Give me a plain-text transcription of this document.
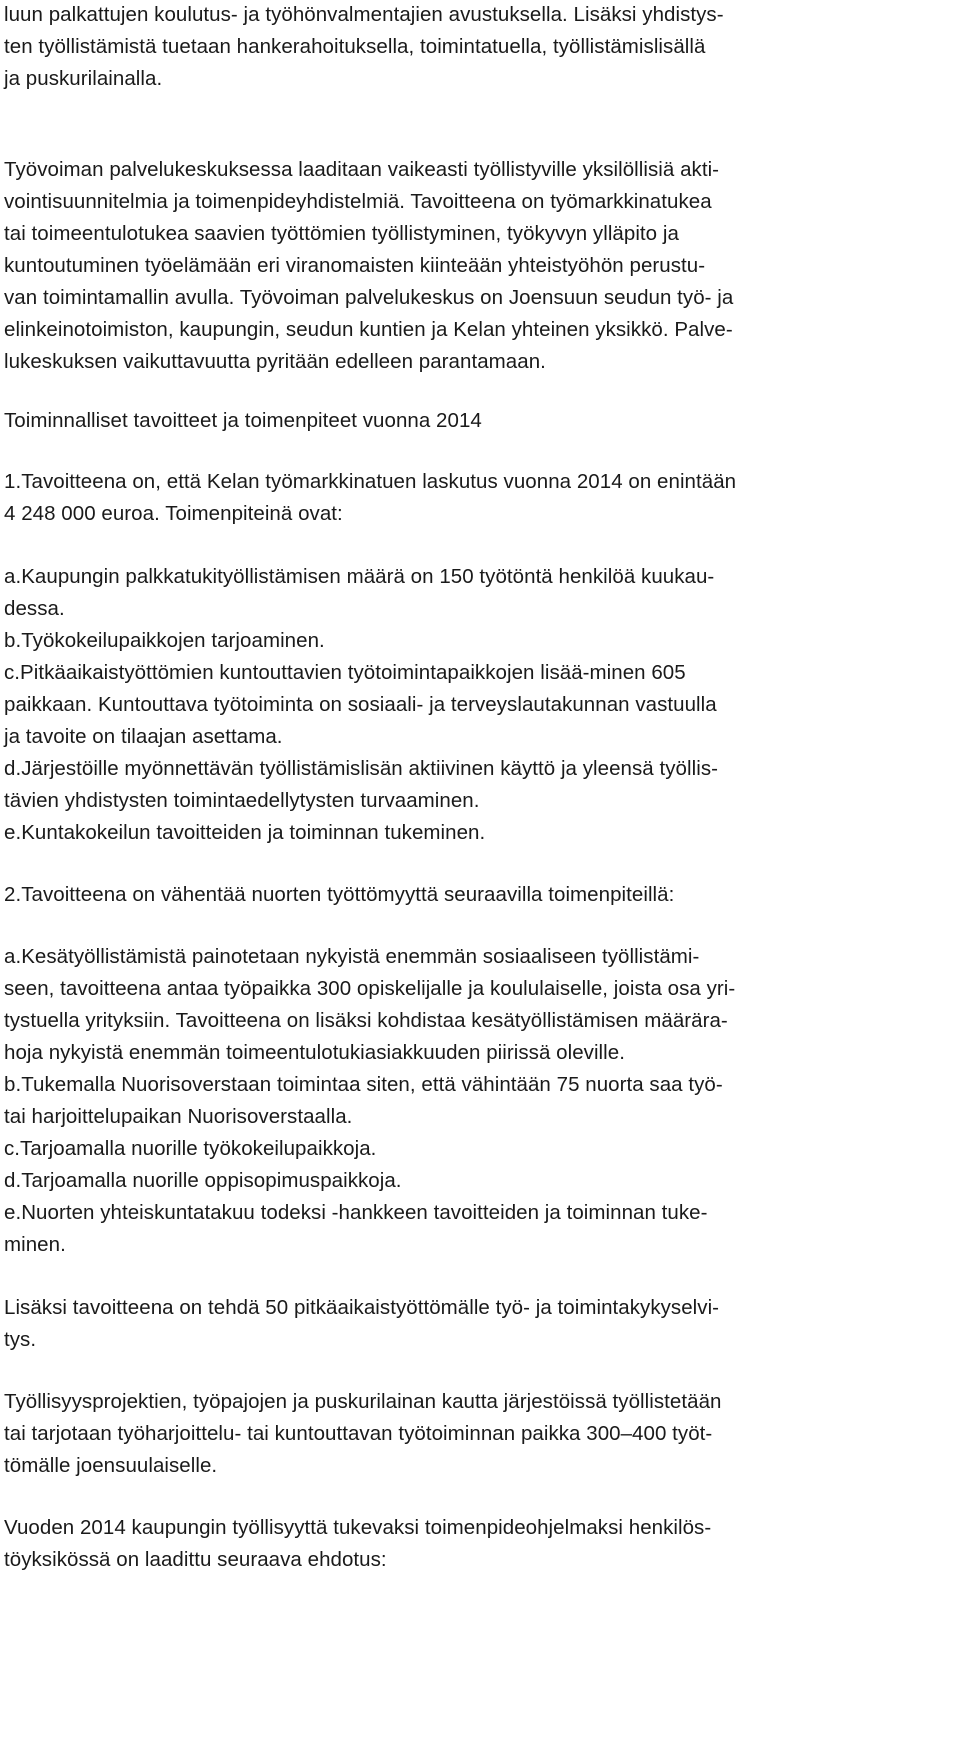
luun palkattujen koulutus- ja työhönvalmentajien avustuksella. Lisäksi yhdistys-
ten työllistämistä tuetaan hankerahoituksella, toimintatuella, työllistämislisällä
ja puskurilainalla.
Työvoiman palvelukeskuksessa laaditaan vaikeasti työllistyville yksilöllisiä akti-
vointisuunnitelmia ja toimenpideyhdistelmiä. Tavoitteena on työmarkkinatukea
tai toimeentulotukea saavien työttömien työllistyminen, työkyvyn ylläpito ja
kuntoutuminen työelämään eri viranomaisten kiinteään yhteistyöhön perustu-
van toimintamallin avulla. Työvoiman palvelukeskus on Joensuun seudun työ- ja
elinkeinotoimiston, kaupungin, seudun kuntien ja Kelan yhteinen yksikkö. Palve-
lukeskuksen vaikuttavuutta pyritään edelleen parantamaan.
Toiminnalliset tavoitteet ja toimenpiteet vuonna 2014
1.Tavoitteena on, että Kelan työmarkkinatuen laskutus vuonna 2014 on enintään
4 248 000 euroa. Toimenpiteinä ovat:
a.Kaupungin palkkatukityöllistämisen määrä on 150 työtöntä henkilöä kuukau-
dessa.
b.Työkokeilupaikkojen tarjoaminen.
c.Pitkäaikaistyöttömien kuntouttavien työtoimintapaikkojen lisää-minen 605
paikkaan. Kuntouttava työtoiminta on sosiaali- ja terveyslautakunnan vastuulla
ja tavoite on tilaajan asettama.
d.Järjestöille myönnettävän työllistämislisän aktiivinen käyttö ja yleensä työllis-
tävien yhdistysten toimintaedellytysten turvaaminen.
e.Kuntakokeilun tavoitteiden ja toiminnan tukeminen.
2.Tavoitteena on vähentää nuorten työttömyyttä seuraavilla toimenpiteillä:
a.Kesätyöllistämistä painotetaan nykyistä enemmän sosiaaliseen työllistämi-
seen, tavoitteena antaa työpaikka 300 opiskelijalle ja koululaiselle, joista osa yri-
tystuella yrityksiin. Tavoitteena on lisäksi kohdistaa kesätyöllistämisen määrära-
hoja nykyistä enemmän toimeentulotukiasiakkuuden piirissä oleville.
b.Tukemalla Nuorisoverstaan toimintaa siten, että vähintään 75 nuorta saa työ-
tai harjoittelupaikan Nuorisoverstaalla.
c.Tarjoamalla nuorille työkokeilupaikkoja.
d.Tarjoamalla nuorille oppisopimuspaikkoja.
e.Nuorten yhteiskuntatakuu todeksi -hankkeen tavoitteiden ja toiminnan tuke-
minen.
Lisäksi tavoitteena on tehdä 50 pitkäaikaistyöttömälle työ- ja toimintakykyselvi-
tys.
Työllisyysprojektien, työpajojen ja puskurilainan kautta järjestöissä työllistetään
tai tarjotaan työharjoittelu- tai kuntouttavan työtoiminnan paikka 300–400 työt-
tömälle joensuulaiselle.
Vuoden 2014 kaupungin työllisyyttä tukevaksi toimenpideohjelmaksi henkilös-
töyksikössä on laadittu seuraava ehdotus:
